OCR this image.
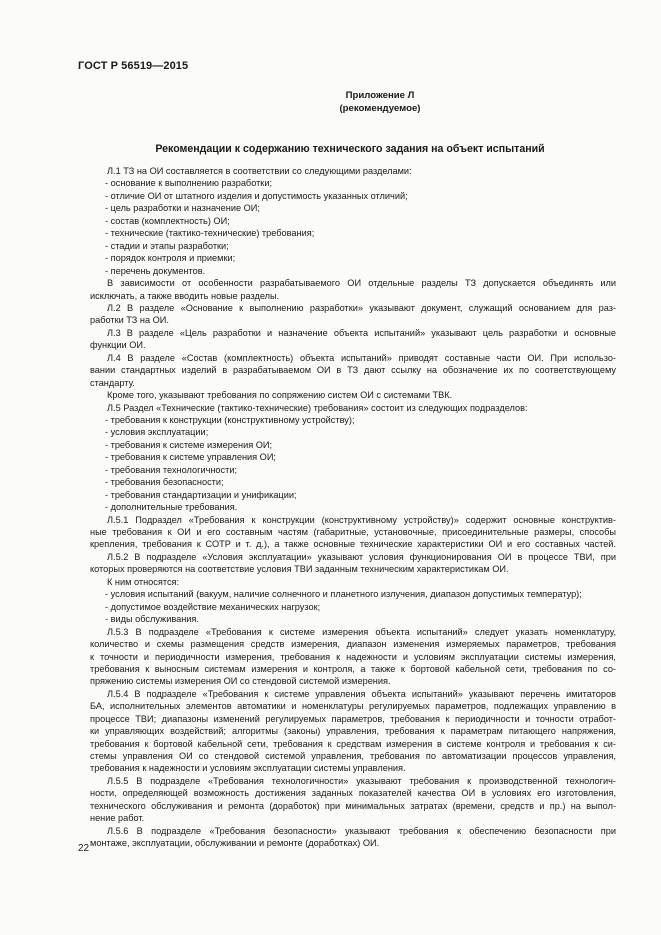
ГОСТ Р 56519—2015
Приложение Л
(рекомендуемое)
Рекомендации к содержанию технического задания на объект испытаний
Л.1 ТЗ на ОИ составляется в соответствии со следующими разделами:
- основание к выполнению разработки;
- отличие ОИ от штатного изделия и допустимость указанных отличий;
- цель разработки и назначение ОИ;
- состав (комплектность) ОИ;
- технические (тактико-технические) требования;
- стадии и этапы разработки;
- порядок контроля и приемки;
- перечень документов.
В зависимости от особенности разрабатываемого ОИ отдельные разделы ТЗ допускается объединять или
исключать, а также вводить новые разделы.
Л.2 В разделе «Основание к выполнению разработки» указывают документ, служащий основанием для раз-
работки ТЗ на ОИ.
Л.3 В разделе «Цель разработки и назначение объекта испытаний» указывают цель разработки и основные
функции ОИ.
Л.4 В разделе «Состав (комплектность) объекта испытаний» приводят составные части ОИ. При использо-
вании стандартных изделий в разрабатываемом ОИ в ТЗ дают ссылку на обозначение их по соответствующему
стандарту.
Кроме того, указывают требования по сопряжению систем ОИ с системами ТВК.
Л.5 Раздел «Технические (тактико-технические) требования» состоит из следующих подразделов:
- требования к конструкции (конструктивному устройству);
- условия эксплуатации;
- требования к системе измерения ОИ;
- требования к системе управления ОИ;
- требования технологичности;
- требования безопасности;
- требования стандартизации и унификации;
- дополнительные требования.
Л.5.1 Подраздел «Требования к конструкции (конструктивному устройству)» содержит основные конструктив-
ные требования к ОИ и его составным частям (габаритные, установочные, присоединительные размеры, способы
крепления, требования к СОТР и т. д.), а также основные технические характеристики ОИ и его составных частей.
Л.5.2 В подразделе «Условия эксплуатации» указывают условия функционирования ОИ в процессе ТВИ, при
которых проверяются на соответствие условия ТВИ заданным техническим характеристикам ОИ.
К ним относятся:
- условия испытаний (вакуум, наличие солнечного и планетного излучения, диапазон допустимых температур);
- допустимое воздействие механических нагрузок;
- виды обслуживания.
Л.5.3 В подразделе «Требования к системе измерения объекта испытаний» следует указать номенклатуру,
количество и схемы размещения средств измерения, диапазон изменения измеряемых параметров, требования
к точности и периодичности измерения, требования к надежности и условиям эксплуатации системы измерения,
требования к выносным системам измерения и контроля, а также к бортовой кабельной сети, требования по со-
пряжению системы измерения ОИ со стендовой системой измерения.
Л.5.4 В подразделе «Требования к системе управления объекта испытаний» указывают перечень имитаторов
БА, исполнительных элементов автоматики и номенклатуры регулируемых параметров, подлежащих управлению в
процессе ТВИ; диапазоны изменений регулируемых параметров, требования к периодичности и точности отработ-
ки управляющих воздействий; алгоритмы (законы) управления, требования к параметрам питающего напряжения,
требования к бортовой кабельной сети, требования к средствам измерения в системе контроля и требования к си-
стемы управления ОИ со стендовой системой управления, требования по автоматизации процессов управления,
требования к надежности и условиям эксплуатации системы управления.
Л.5.5 В подразделе «Требования технологичности» указывают требования к производственной технологич-
ности, определяющей возможность достижения заданных показателей качества ОИ в условиях его изготовления,
технического обслуживания и ремонта (доработок) при минимальных затратах (времени, средств и пр.) на выпол-
нение работ.
Л.5.6 В подразделе «Требования безопасности» указывают требования к обеспечению безопасности при
монтаже, эксплуатации, обслуживании и ремонте (доработках) ОИ.
22
